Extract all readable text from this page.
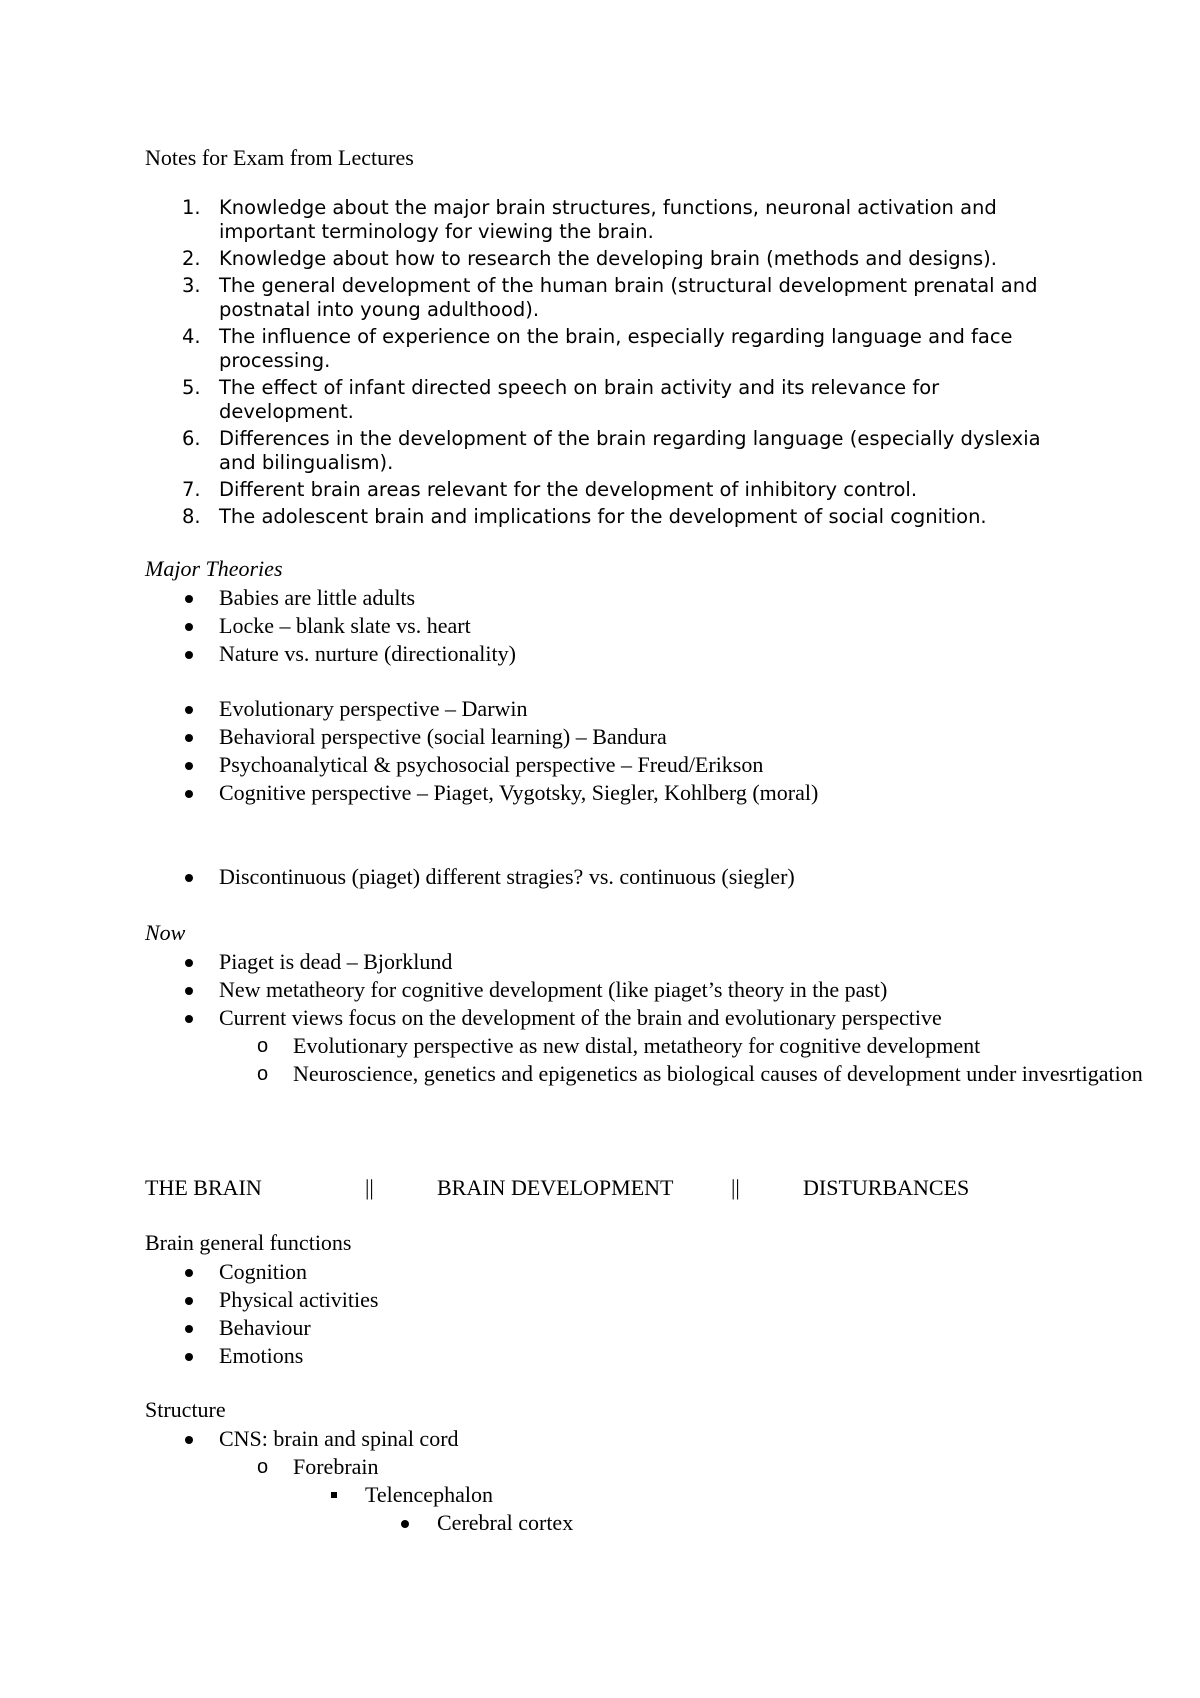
Notes for Exam from Lectures
1. Knowledge about the major brain structures, functions, neuronal activation and important terminology for viewing the brain.
2. Knowledge about how to research the developing brain (methods and designs).
3. The general development of the human brain (structural development prenatal and postnatal into young adulthood).
4. The influence of experience on the brain, especially regarding language and face processing.
5. The effect of infant directed speech on brain activity and its relevance for development.
6. Differences in the development of the brain regarding language (especially dyslexia and bilingualism).
7. Different brain areas relevant for the development of inhibitory control.
8. The adolescent brain and implications for the development of social cognition.
Major Theories
Babies are little adults
Locke – blank slate vs. heart
Nature vs. nurture (directionality)
Evolutionary perspective – Darwin
Behavioral perspective (social learning) – Bandura
Psychoanalytical & psychosocial perspective – Freud/Erikson
Cognitive perspective – Piaget, Vygotsky, Siegler, Kohlberg (moral)
Discontinuous (piaget) different stragies? vs. continuous (siegler)
Now
Piaget is dead – Bjorklund
New metatheory for cognitive development (like piaget’s theory in the past)
Current views focus on the development of the brain and evolutionary perspective
o Evolutionary perspective as new distal, metatheory for cognitive development
o Neuroscience, genetics and epigenetics as biological causes of development under invesrtigation
THE BRAIN	||	BRAIN DEVELOPMENT	||	DISTURBANCES
Brain general functions
Cognition
Physical activities
Behaviour
Emotions
Structure
CNS: brain and spinal cord
o Forebrain
Telencephalon
Cerebral cortex
